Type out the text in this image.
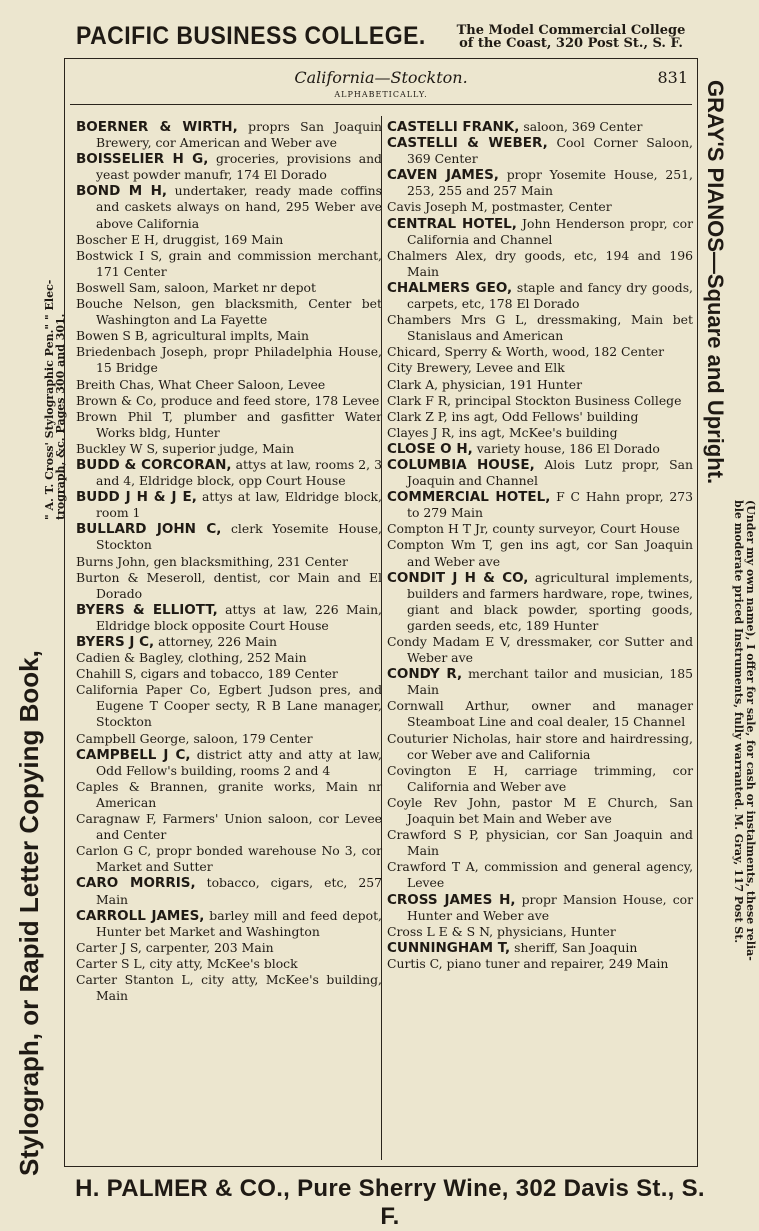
PACIFIC BUSINESS COLLEGE.	The Model Commercial College
of the Coast, 320 Post St., S. F.
Stylograph, or Rapid Letter Copying Book,
" A. T. Cross' Stylographic Pen." " Elec-
trograph, &c. Pages 300 and 301.	GRAY'S PIANOS—Square and Upright.
(Under my own name), I offer for sale, for cash or instalments, these relia-
ble moderate priced Instruments, fully warranted. M. Gray, 117 Post St.
California—Stockton.	831
ALPHABETICALLY.
BOERNER & WIRTH, proprs San Joaquin Brewery, cor American and Weber ave
BOISSELIER H G, groceries, provisions and yeast powder manufr, 174 El Dorado
BOND M H, undertaker, ready made coffins and caskets always on hand, 295 Weber ave above California
Boscher E H, druggist, 169 Main
Bostwick I S, grain and commission merchant, 171 Center
Boswell Sam, saloon, Market nr depot
Bouche Nelson, gen blacksmith, Center bet Washington and La Fayette
Bowen S B, agricultural implts, Main
Briedenbach Joseph, propr Philadelphia House, 15 Bridge
Breith Chas, What Cheer Saloon, Levee
Brown & Co, produce and feed store, 178 Levee
Brown Phil T, plumber and gasfitter Water Works bldg, Hunter
Buckley W S, superior judge, Main
BUDD & CORCORAN, attys at law, rooms 2, 3 and 4, Eldridge block, opp Court House
BUDD J H & J E, attys at law, Eldridge block, room 1
BULLARD JOHN C, clerk Yosemite House, Stockton
Burns John, gen blacksmithing, 231 Center
Burton & Meseroll, dentist, cor Main and El Dorado
BYERS & ELLIOTT, attys at law, 226 Main, Eldridge block opposite Court House
BYERS J C, attorney, 226 Main
Cadien & Bagley, clothing, 252 Main
Chahill S, cigars and tobacco, 189 Center
California Paper Co, Egbert Judson pres, and Eugene T Cooper secty, R B Lane manager, Stockton
Campbell George, saloon, 179 Center
CAMPBELL J C, district atty and atty at law, Odd Fellow's building, rooms 2 and 4
Caples & Brannen, granite works, Main nr American
Caragnaw F, Farmers' Union saloon, cor Levee and Center
Carlon G C, propr bonded warehouse No 3, cor Market and Sutter
CARO MORRIS, tobacco, cigars, etc, 257 Main
CARROLL JAMES, barley mill and feed depot, Hunter bet Market and Washington
Carter J S, carpenter, 203 Main
Carter S L, city atty, McKee's block
Carter Stanton L, city atty, McKee's building, Main
CASTELLI FRANK, saloon, 369 Center
CASTELLI & WEBER, Cool Corner Saloon, 369 Center
CAVEN JAMES, propr Yosemite House, 251, 253, 255 and 257 Main
Cavis Joseph M, postmaster, Center
CENTRAL HOTEL, John Henderson propr, cor California and Channel
Chalmers Alex, dry goods, etc, 194 and 196 Main
CHALMERS GEO, staple and fancy dry goods, carpets, etc, 178 El Dorado
Chambers Mrs G L, dressmaking, Main bet Stanislaus and American
Chicard, Sperry & Worth, wood, 182 Center
City Brewery, Levee and Elk
Clark A, physician, 191 Hunter
Clark F R, principal Stockton Business College
Clark Z P, ins agt, Odd Fellows' building
Clayes J R, ins agt, McKee's building
CLOSE O H, variety house, 186 El Dorado
COLUMBIA HOUSE, Alois Lutz propr, San Joaquin and Channel
COMMERCIAL HOTEL, F C Hahn propr, 273 to 279 Main
Compton H T Jr, county surveyor, Court House
Compton Wm T, gen ins agt, cor San Joaquin and Weber ave
CONDIT J H & CO, agricultural implements, builders and farmers hardware, rope, twines, giant and black powder, sporting goods, garden seeds, etc, 189 Hunter
Condy Madam E V, dressmaker, cor Sutter and Weber ave
CONDY R, merchant tailor and musician, 185 Main
Cornwall Arthur, owner and manager Steamboat Line and coal dealer, 15 Channel
Couturier Nicholas, hair store and hairdressing, cor Weber ave and California
Covington E H, carriage trimming, cor California and Weber ave
Coyle Rev John, pastor M E Church, San Joaquin bet Main and Weber ave
Crawford S P, physician, cor San Joaquin and Main
Crawford T A, commission and general agency, Levee
CROSS JAMES H, propr Mansion House, cor Hunter and Weber ave
Cross L E & S N, physicians, Hunter
CUNNINGHAM T, sheriff, San Joaquin
Curtis C, piano tuner and repairer, 249 Main
H. PALMER & CO., Pure Sherry Wine, 302 Davis St., S. F.
